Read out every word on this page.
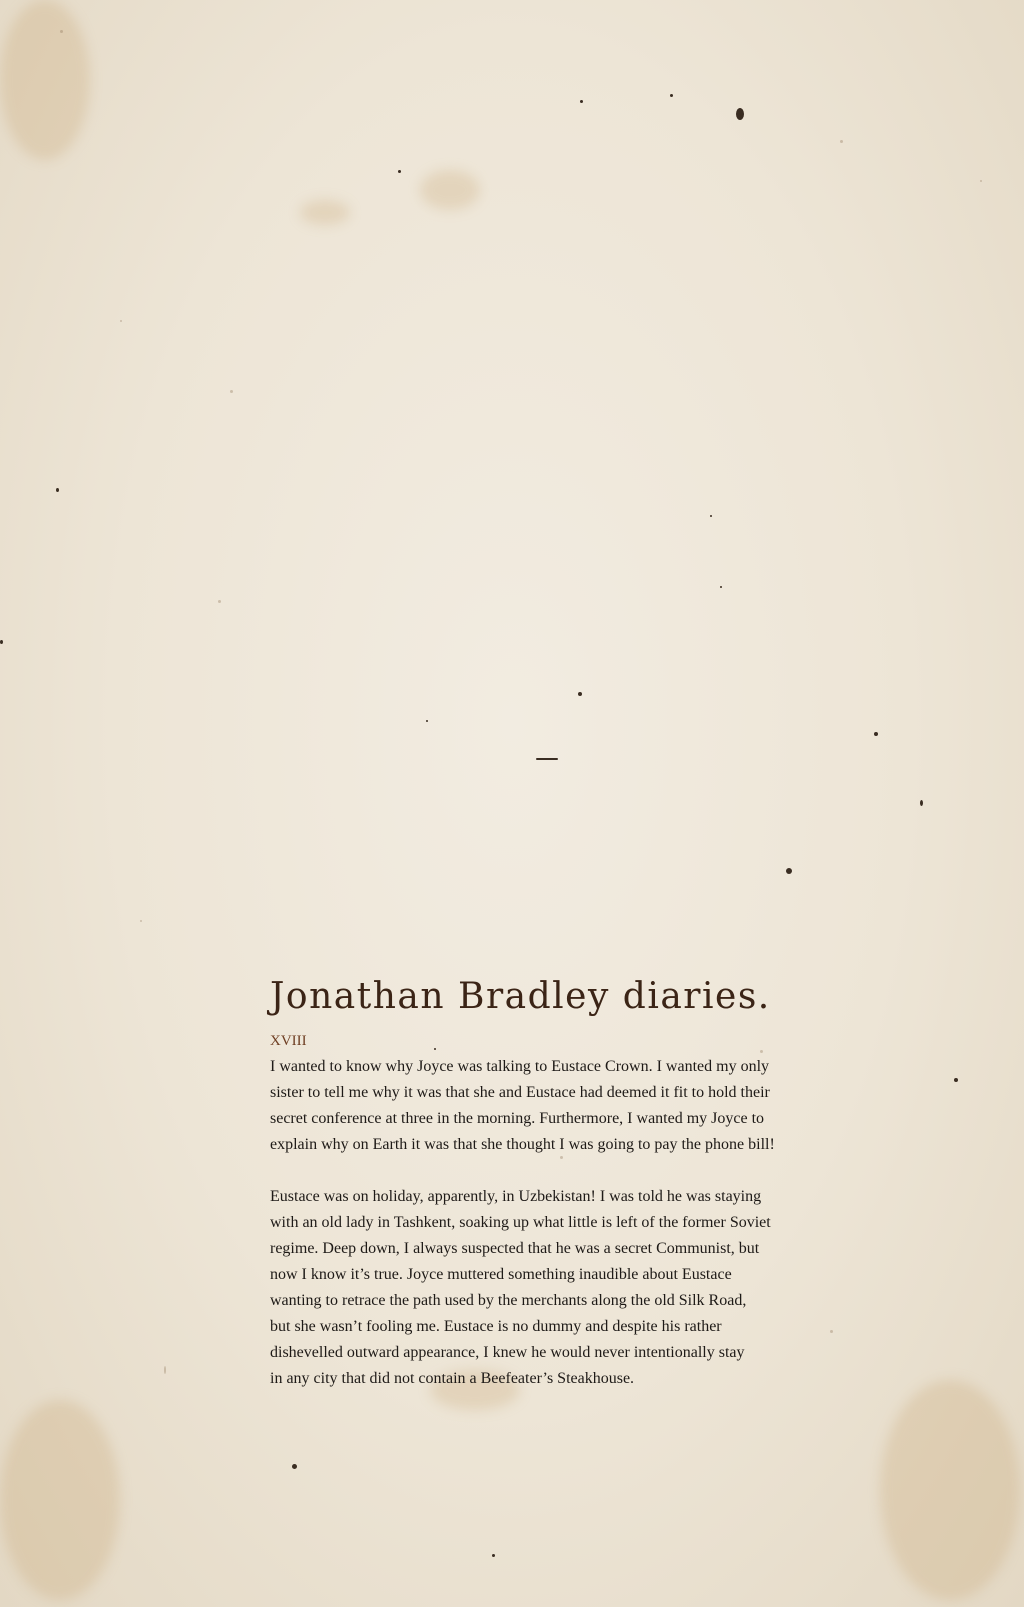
Jonathan Bradley diaries.
XVIII

I wanted to know why Joyce was talking to Eustace Crown. I wanted my only
sister to tell me why it was that she and Eustace had deemed it fit to hold their
secret conference at three in the morning. Furthermore, I wanted my Joyce to
explain why on Earth it was that she thought I was going to pay the phone bill!

Eustace was on holiday, apparently, in Uzbekistan! I was told he was staying
with an old lady in Tashkent, soaking up what little is left of the former Soviet
regime. Deep down, I always suspected that he was a secret Communist, but
now I know it’s true. Joyce muttered something inaudible about Eustace
wanting to retrace the path used by the merchants along the old Silk Road,
but she wasn’t fooling me. Eustace is no dummy and despite his rather
dishevelled outward appearance, I knew he would never intentionally stay
in any city that did not contain a Beefeater’s Steakhouse.
